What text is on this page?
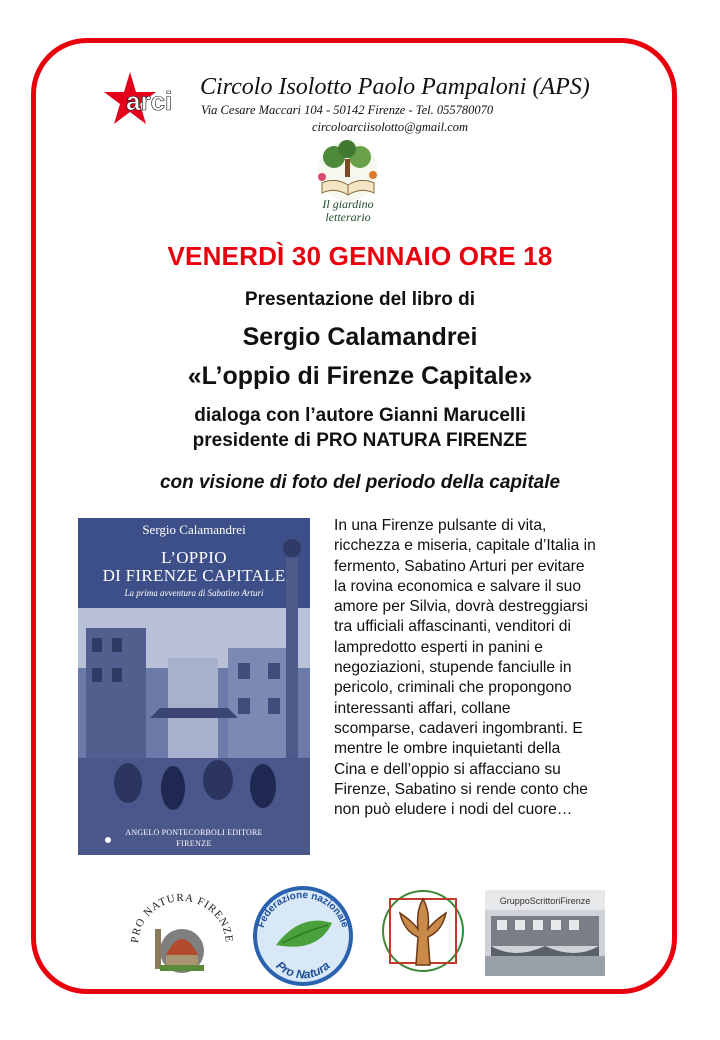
arci Circolo Isolotto Paolo Pampaloni (APS)
Via Cesare Maccari 104 - 50142 Firenze - Tel. 055780070
circoloarciisolotto@gmail.com
Il giardino
letterario
VENERDÌ 30 GENNAIO ORE 18
Presentazione del libro di
Sergio Calamandrei
«L’oppio di Firenze Capitale»
dialoga con l’autore Gianni Marucelli
presidente di PRO NATURA FIRENZE
con visione di foto del periodo della capitale
Sergio Calamandrei
L’OPPIO
DI FIRENZE CAPITALE
La prima avventura di Sabatino Arturi
ANGELO PONTECORBOLI EDITORE
FIRENZE
In una Firenze pulsante di vita,
ricchezza e miseria, capitale d’Italia in
fermento, Sabatino Arturi per evitare
la rovina economica e salvare il suo
amore per Silvia, dovrà destreggiarsi
tra ufficiali affascinanti, venditori di
lampredotto esperti in panini e
negoziazioni, stupende fanciulle in
pericolo, criminali che propongono
interessanti affari, collane
scomparse, cadaveri ingombranti. E
mentre le ombre inquietanti della
Cina e dell’oppio si affacciano su
Firenze, Sabatino si rende conto che
non può eludere i nodi del cuore…
PRO NATURA FIRENZE
Federazione nazionale
Pro Natura
GruppoScrittoriFirenze
